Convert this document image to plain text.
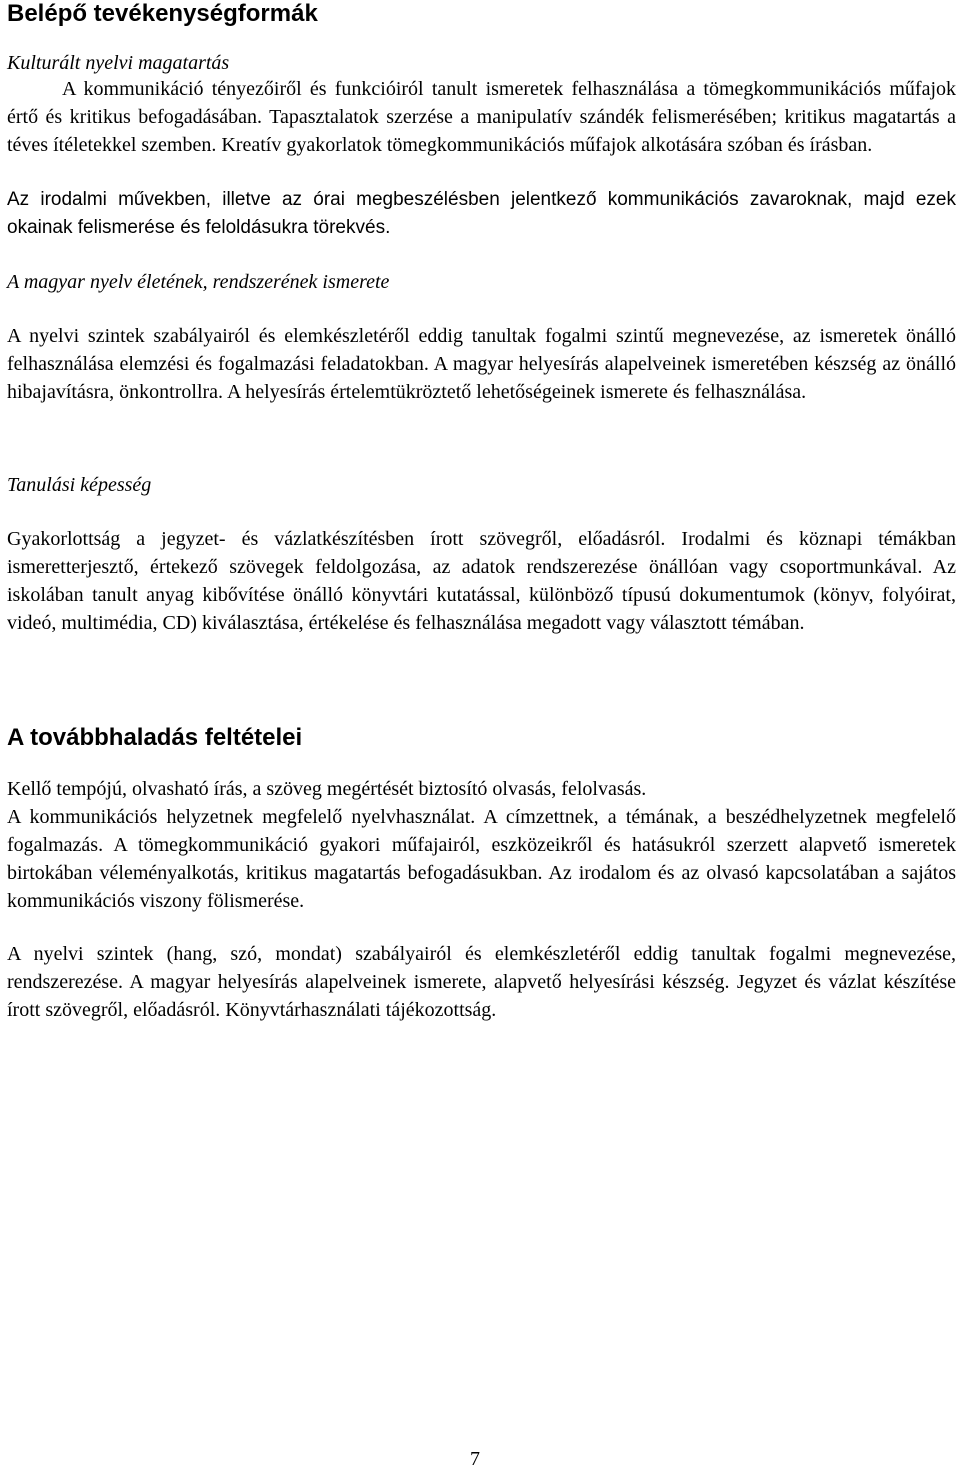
Belépő tevékenységformák
Kulturált nyelvi magatartás

A kommunikáció tényezőiről és funkcióiról tanult ismeretek felhasználása a tömegkommunikációs műfajok értő és kritikus befogadásában. Tapasztalatok szerzése a manipulatív szándék felismerésében; kritikus magatartás a téves ítéletekkel szemben. Kreatív gyakorlatok tömegkommunikációs műfajok alkotására szóban és írásban.

Az irodalmi művekben, illetve az órai megbeszélésben jelentkező kommunikációs zavaroknak, majd ezek okainak felismerése és feloldásukra törekvés.

A magyar nyelv életének, rendszerének ismerete

A nyelvi szintek szabályairól és elemkészletéről eddig tanultak fogalmi szintű megnevezése, az ismeretek önálló felhasználása elemzési és fogalmazási feladatokban. A magyar helyesírás alapelveinek ismeretében készség az önálló hibajavításra, önkontrollra. A helyesírás értelemtükröztető lehetőségeinek ismerete és felhasználása.

Tanulási képesség

Gyakorlottság a jegyzet- és vázlatkészítésben írott szövegről, előadásról. Irodalmi és köznapi témákban ismeretterjesztő, értekező szövegek feldolgozása, az adatok rendszerezése önállóan vagy csoportmunkával. Az iskolában tanult anyag kibővítése önálló könyvtári kutatással, különböző típusú dokumentumok (könyv, folyóirat, videó, multimédia, CD) kiválasztása, értékelése és felhasználása megadott vagy választott témában.

A továbbhaladás feltételei

Kellő tempójú, olvasható írás, a szöveg megértését biztosító olvasás, felolvasás.

A kommunikációs helyzetnek megfelelő nyelvhasználat. A címzettnek, a témának, a beszédhelyzetnek megfelelő fogalmazás. A tömegkommunikáció gyakori műfajairól, eszközeikről és hatásukról szerzett alapvető ismeretek birtokában véleményalkotás, kritikus magatartás befogadásukban. Az irodalom és az olvasó kapcsolatában a sajátos kommunikációs viszony fölismerése.

A nyelvi szintek (hang, szó, mondat) szabályairól és elemkészletéről eddig tanultak fogalmi megnevezése, rendszerezése. A magyar helyesírás alapelveinek ismerete, alapvető helyesírási készség. Jegyzet és vázlat készítése írott szövegről, előadásról. Könyvtárhasználati tájékozottság.

7
